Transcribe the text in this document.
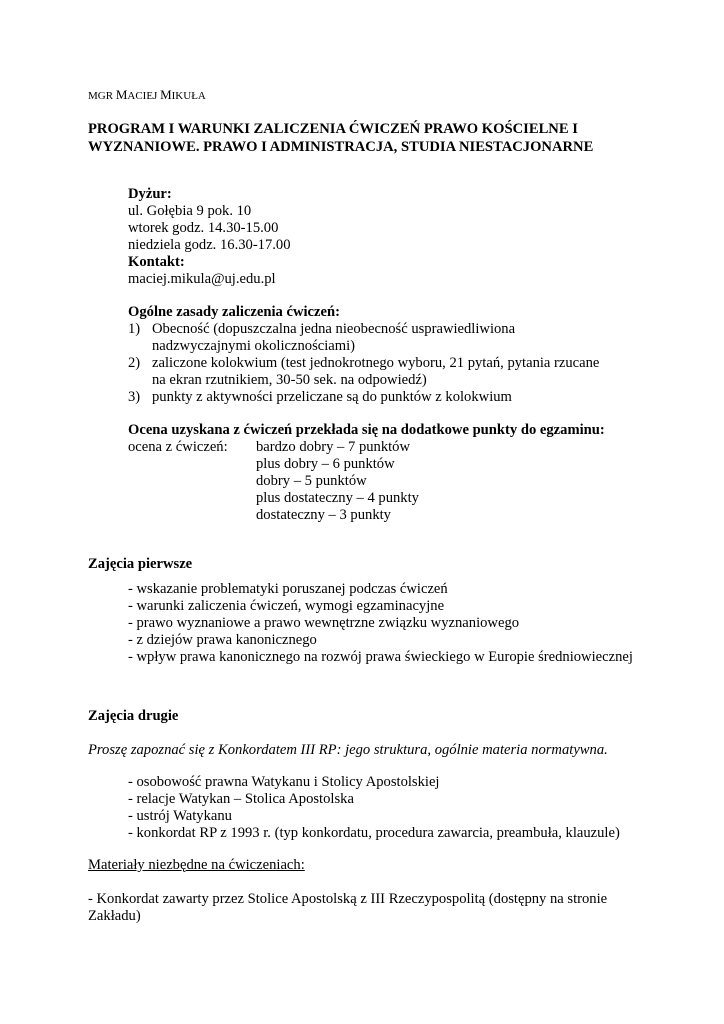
MGR MACIEJ MIKUŁA
PROGRAM I WARUNKI ZALICZENIA ĆWICZEŃ PRAWO KOŚCIELNE I
WYZNANIOWE. PRAWO I ADMINISTRACJA, STUDIA NIESTACJONARNE
Dyżur:
ul. Gołębia 9 pok. 10
wtorek godz. 14.30-15.00
niedziela godz. 16.30-17.00
Kontakt:
maciej.mikula@uj.edu.pl
Ogólne zasady zaliczenia ćwiczeń:
1) Obecność (dopuszczalna jedna nieobecność usprawiedliwiona
nadzwyczajnymi okolicznościami)
2) zaliczone kolokwium (test jednokrotnego wyboru, 21 pytań, pytania rzucane
na ekran rzutnikiem, 30-50 sek. na odpowiedź)
3) punkty z aktywności przeliczane są do punktów z kolokwium
Ocena uzyskana z ćwiczeń przekłada się na dodatkowe punkty do egzaminu:
ocena z ćwiczeń:	bardzo dobry – 7 punktów
plus dobry – 6 punktów
dobry – 5 punktów
plus dostateczny – 4 punkty
dostateczny – 3 punkty
Zajęcia pierwsze
- wskazanie problematyki poruszanej podczas ćwiczeń
- warunki zaliczenia ćwiczeń, wymogi egzaminacyjne
- prawo wyznaniowe a prawo wewnętrzne związku wyznaniowego
- z dziejów prawa kanonicznego
- wpływ prawa kanonicznego na rozwój prawa świeckiego w Europie średniowiecznej
Zajęcia drugie
Proszę zapoznać się z Konkordatem III RP: jego struktura, ogólnie materia normatywna.
- osobowość prawna Watykanu i Stolicy Apostolskiej
- relacje Watykan – Stolica Apostolska
- ustrój Watykanu
- konkordat RP z 1993 r. (typ konkordatu, procedura zawarcia, preambuła, klauzule)
Materiały niezbędne na ćwiczeniach:
- Konkordat zawarty przez Stolice Apostolską z III Rzeczypospolitą (dostępny na stronie
Zakładu)
